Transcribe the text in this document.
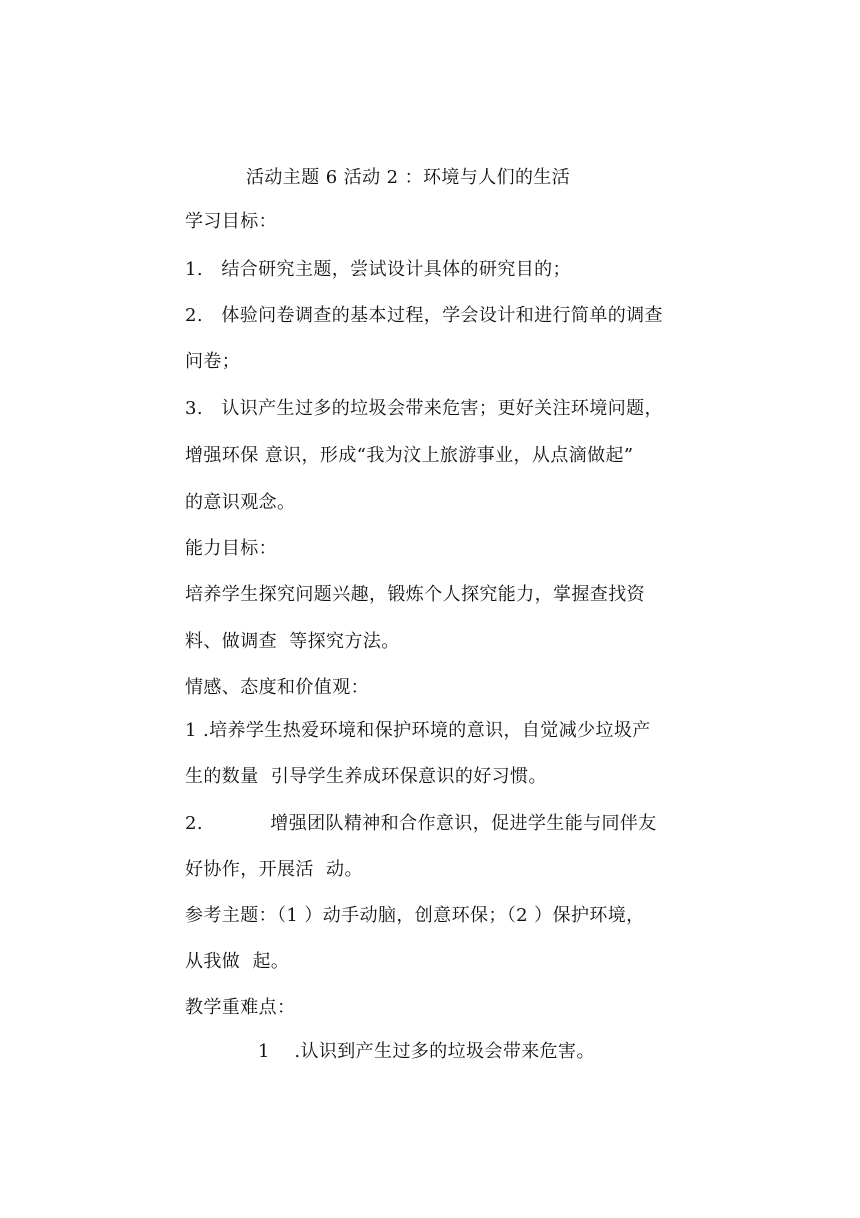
活动主题 6 活动 2 ：环境与人们的生活
学习目标：
1.   结合研究主题，尝试设计具体的研究目的；
2.   体验问卷调查的基本过程，学会设计和进行简单的调查
问卷；
3.   认识产生过多的垃圾会带来危害；更好关注环境问题，
增强环保 意识，形成“我为汶上旅游事业，从点滴做起”
的意识观念。
能力目标：
培养学生探究问题兴趣，锻炼个人探究能力，掌握查找资
料、做调查  等探究方法。
情感、态度和价值观：
1 .培养学生热爱环境和保护环境的意识，自觉减少垃圾产
生的数量  引导学生养成环保意识的好习惯。
2.           增强团队精神和合作意识，促进学生能与同伴友
好协作，开展活  动。
参考主题：（1 ）动手动脑，创意环保；（2 ）保护环境，
从我做  起。
教学重难点：
1    .认识到产生过多的垃圾会带来危害。
